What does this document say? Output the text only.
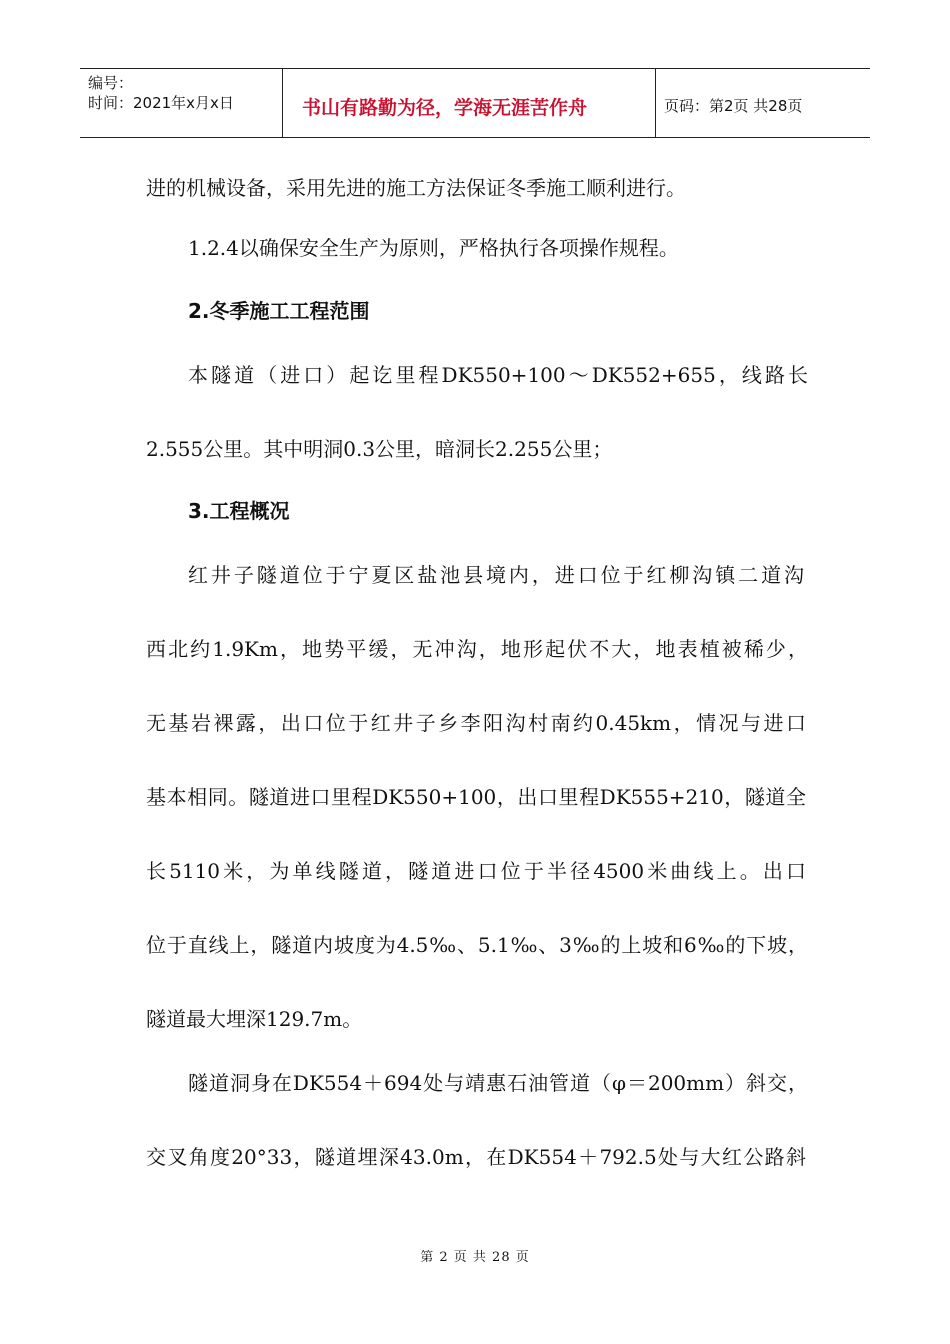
编号：
时间：2021年x月x日	书山有路勤为径，学海无涯苦作舟	页码：第2页 共28页
进的机械设备，采用先进的施工方法保证冬季施工顺利进行。
1.2.4以确保安全生产为原则，严格执行各项操作规程。
2.冬季施工工程范围
本隧道（进口）起讫里程DK550+100～DK552+655，线路长
2.555公里。其中明洞0.3公里，暗洞长2.255公里；
3.工程概况
红井子隧道位于宁夏区盐池县境内，进口位于红柳沟镇二道沟
西北约1.9Km，地势平缓，无冲沟，地形起伏不大，地表植被稀少，
无基岩裸露，出口位于红井子乡李阳沟村南约0.45km，情况与进口
基本相同。隧道进口里程DK550+100，出口里程DK555+210，隧道全
长5110米，为单线隧道，隧道进口位于半径4500米曲线上。出口
位于直线上，隧道内坡度为4.5‰、5.1‰、3‰的上坡和6‰的下坡，
隧道最大埋深129.7m。
隧道洞身在DK554＋694处与靖惠石油管道（φ＝200mm）斜交，
交叉角度20°33，隧道埋深43.0m，在DK554＋792.5处与大红公路斜
第 2 页 共 28 页
